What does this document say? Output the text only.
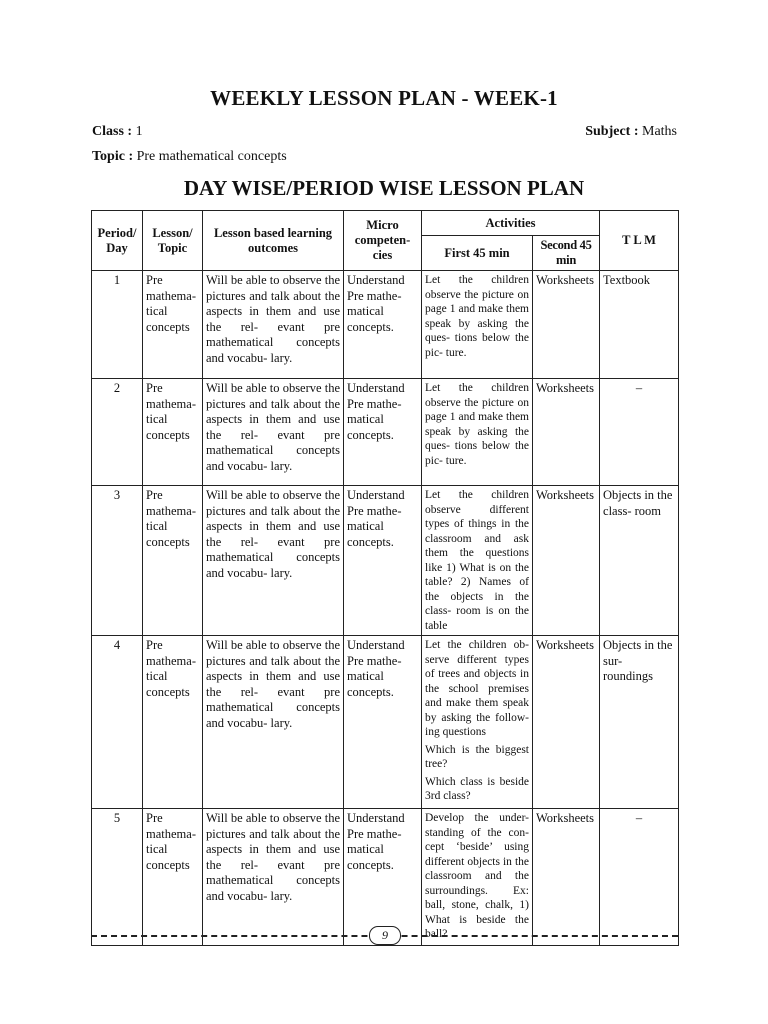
WEEKLY LESSON PLAN - WEEK-1
Class : 1	Subject : Maths
Topic : Pre mathematical concepts
DAY WISE/PERIOD WISE LESSON PLAN
Period/ Day	Lesson/ Topic	Lesson based learning outcomes	Micro competen- cies	Activities		T L M
				First 45 min	Second 45 min	
1	Pre mathema- tical concepts	Will be able to observe the pictures and talk about the aspects in them and use the rel- evant pre mathematical concepts and vocabu- lary.	Understand Pre mathe- matical concepts.	Let the children observe the picture on page 1 and make them speak by asking the ques- tions below the pic- ture.	Worksheets	Textbook
2	Pre mathema- tical concepts	Will be able to observe the pictures and talk about the aspects in them and use the rel- evant pre mathematical concepts and vocabu- lary.	Understand Pre mathe- matical concepts.	Let the children observe the picture on page 1 and make them speak by asking the ques- tions below the pic- ture.	Worksheets	–
3	Pre mathema- tical concepts	Will be able to observe the pictures and talk about the aspects in them and use the rel- evant pre mathematical concepts and vocabu- lary.	Understand Pre mathe- matical concepts.	Let the children observe different types of things in the classroom and ask them the questions like 1) What is on the table? 2) Names of the objects in the class- room is on the table	Worksheets	Objects in the class- room
4	Pre mathema- tical concepts	Will be able to observe the pictures and talk about the aspects in them and use the rel- evant pre mathematical concepts and vocabu- lary.	Understand Pre mathe- matical concepts.	Let the children ob- serve different types of trees and objects in the school premises and make them speak by asking the follow- ing questions

Which is the biggest tree?

Which class is beside 3rd class?	Worksheets	Objects in the sur- roundings
5	Pre mathema- tical concepts	Will be able to observe the pictures and talk about the aspects in them and use the rel- evant pre mathematical concepts and vocabu- lary.	Understand Pre mathe- matical concepts.	Develop the under- standing of the con- cept ‘beside’ using different objects in the classroom and the surroundings. Ex: ball, stone, chalk, 1) What is beside the ball?	Worksheets	–
9
